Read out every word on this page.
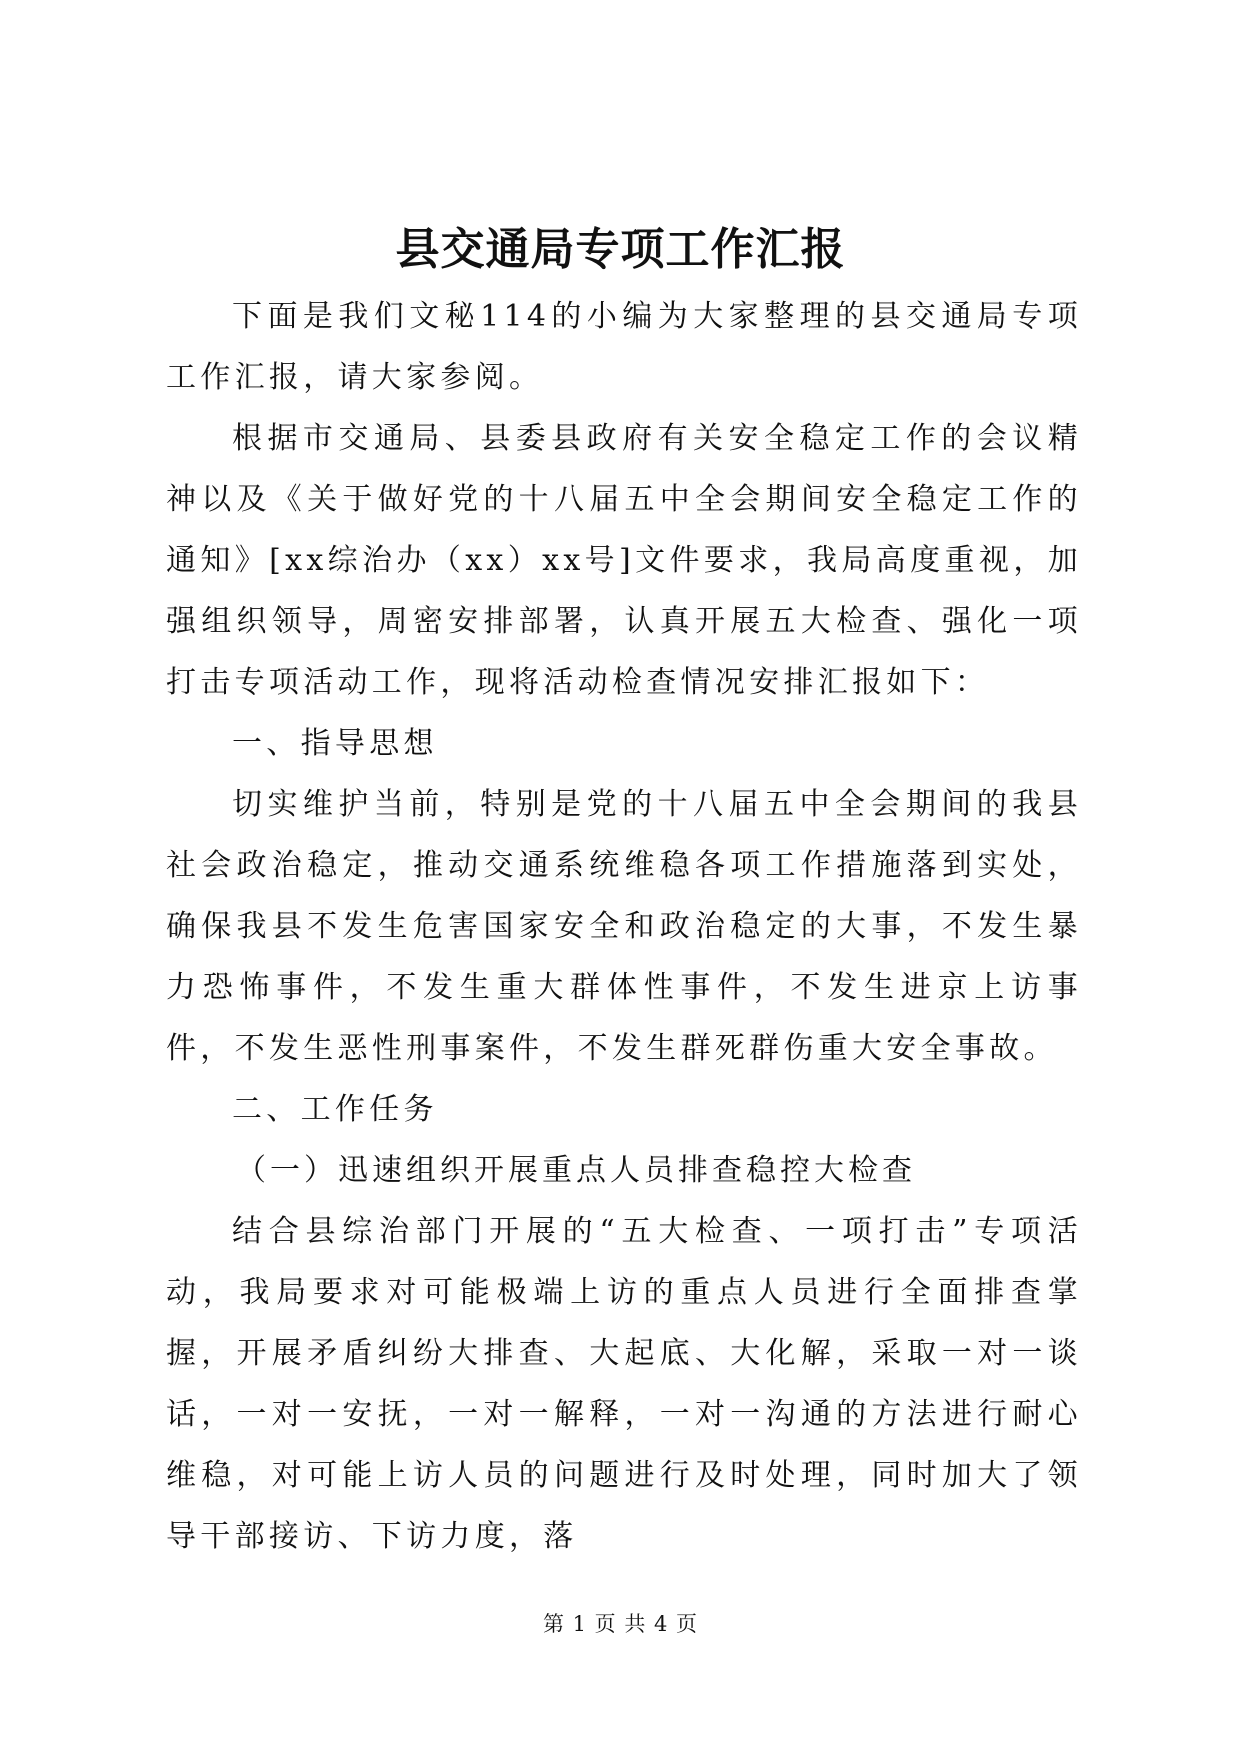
县交通局专项工作汇报

下面是我们文秘114的小编为大家整理的县交通局专项工作汇报，请大家参阅。

根据市交通局、县委县政府有关安全稳定工作的会议精神以及《关于做好党的十八届五中全会期间安全稳定工作的通知》[xx综治办（xx）xx号]文件要求，我局高度重视，加强组织领导，周密安排部署，认真开展五大检查、强化一项打击专项活动工作，现将活动检查情况安排汇报如下：

一、指导思想

切实维护当前，特别是党的十八届五中全会期间的我县社会政治稳定，推动交通系统维稳各项工作措施落到实处，确保我县不发生危害国家安全和政治稳定的大事，不发生暴力恐怖事件，不发生重大群体性事件，不发生进京上访事件，不发生恶性刑事案件，不发生群死群伤重大安全事故。

二、工作任务

（一）迅速组织开展重点人员排查稳控大检查

结合县综治部门开展的“五大检查、一项打击”专项活动，我局要求对可能极端上访的重点人员进行全面排查掌握，开展矛盾纠纷大排查、大起底、大化解，采取一对一谈话，一对一安抚，一对一解释，一对一沟通的方法进行耐心维稳，对可能上访人员的问题进行及时处理，同时加大了领导干部接访、下访力度，落

第 1 页 共 4 页
